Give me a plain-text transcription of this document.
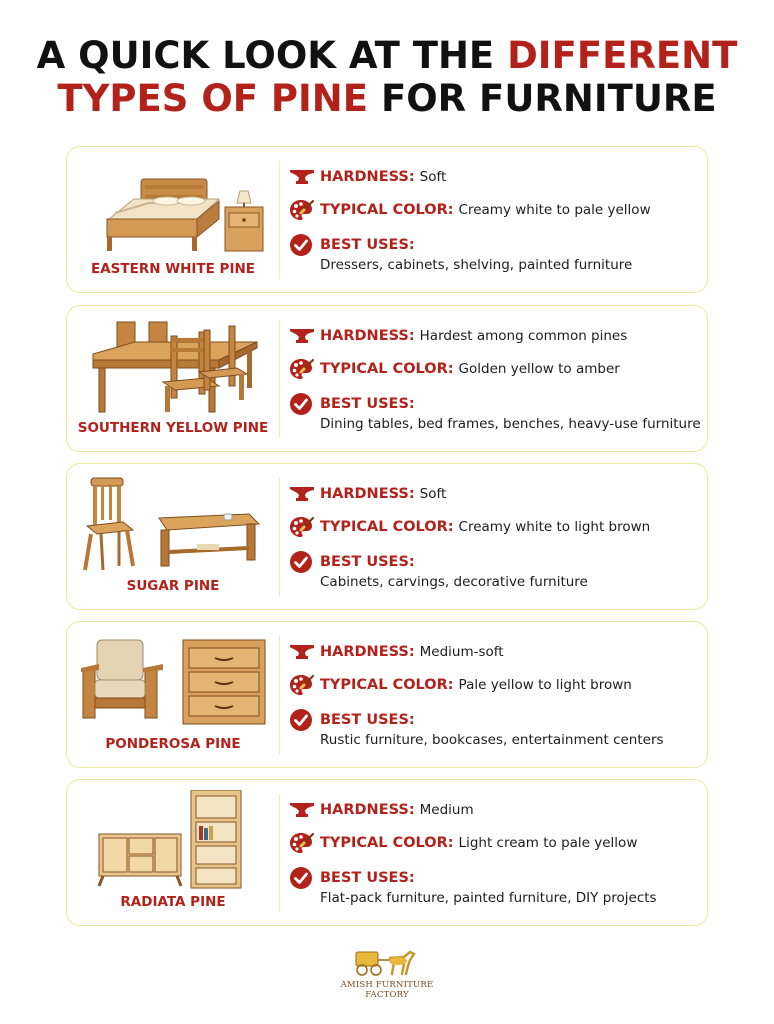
A QUICK LOOK AT THE DIFFERENT
TYPES OF PINE FOR FURNITURE
EASTERN WHITE PINE
HARDNESS: Soft
TYPICAL COLOR: Creamy white to pale yellow
BEST USES:
Dressers, cabinets, shelving, painted furniture
SOUTHERN YELLOW PINE
HARDNESS: Hardest among common pines
TYPICAL COLOR: Golden yellow to amber
BEST USES:
Dining tables, bed frames, benches, heavy-use furniture
SUGAR PINE
HARDNESS: Soft
TYPICAL COLOR: Creamy white to light brown
BEST USES:
Cabinets, carvings, decorative furniture
PONDEROSA PINE
HARDNESS: Medium-soft
TYPICAL COLOR: Pale yellow to light brown
BEST USES:
Rustic furniture, bookcases, entertainment centers
RADIATA PINE
HARDNESS: Medium
TYPICAL COLOR: Light cream to pale yellow
BEST USES:
Flat-pack furniture, painted furniture, DIY projects
AMISH FURNITURE FACTORY
